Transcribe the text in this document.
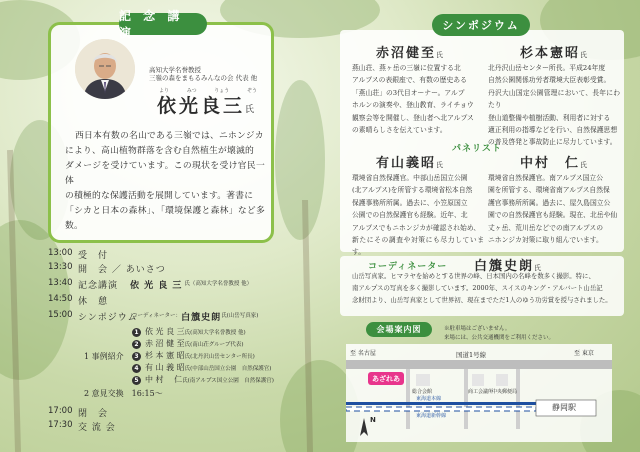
記 念 講 演
高知大学名誉教授
三嶺の森をまもるみんなの会 代表 他
より	みつ	りょう	ぞう
依光良三氏
西日本有数の名山である三嶺では、ニホンジカ
により、高山植物群落を含む自然植生が壊滅的
ダメージを受けています。この現状を受け官民一体
の積極的な保護活動を展開しています。著書に
「シカと日本の森林」、「環境保護と森林」など多数。
13:00 受　付
13:30 開　会 ／ あいさつ
13:40 記念講演	依 光 良 三 氏（高知大学名誉教授 他）
14:50 休　憩
15:00 シンポジウム
コーディネーター： 白籏史朗 氏(山岳写真家)
1 事例紹介
1 依 光 良 三氏(高知大学名誉教授 他)
2 赤 沼 健 至氏(南山荘グループ代表)
3 杉 本 憲 昭氏(北丹沢山岳センター所長)
4 有 山 義 昭氏(中部山岳国立公園　自然保護官)
5 中 村　 仁氏(南アルプス国立公園　自然保護官)
2 意見交換　16:15～
17:00 閉　会
17:30 交 流 会
シンポジウム
赤沼健至氏
燕山荘、燕ヶ岳の三嶺に位置する北
アルプスの表銀座で、有数の歴史ある
「燕山荘」の3代目オーナー。アルプ
ホルンの演奏や、登山教育、ライチョウ
観察会等を開催し、登山者へ北アルプス
の素晴らしさを伝えています。
杉本憲昭氏
北丹沢山岳センター所長。平成24年度
自然公園関係功労者環境大臣表彰受賞。
丹沢大山国定公園管理において、長年にわたり
登山道整備や植樹活動、利用者に対する
適正利用の指導などを行い、自然保護思想
の普及啓発と事故防止に尽力しています。
パネリスト
有山義昭氏
環境省自然保護官。中部山岳国立公園
(北アルプス)を所管する環境省松本自然
保護事務所所属。過去に、小笠原国立
公園での自然保護官も経験。近年、北
アルプスでもニホンジカが確認され始め、
新たにその調査や対策にも尽力しています。
中村　仁氏
環境省自然保護官。南アルプス国立公
園を所管する、環境省南アルプス自然保
護官事務所所属。過去に、屋久島国立公
園での自然保護官も経験。現在、北岳や仙
丈ヶ岳、荒川岳などでの南アルプスの
ニホンジカ対策に取り組んでいます。
コーディネーター 白籏史朗氏
山岳写真家。ヒマラヤを始めとする世界の峰、日本国内の名峰を数多く撮影。特に、
南アルプスの写真を多く撮影しています。2000年、スイスのキング・アルバート山岳記
念財団より、山岳写真家として世界初、現在までただ1人のゆう功労賞を授与されました。
会場案内図	※駐車場はございません。
来場には、公共交通機関をご利用ください。
N
至 名古屋	至 東京
国道1号線
あざれあ
総合会館	商工会議所
中央郵便局
東海道本線
東海道新幹線
静岡駅
